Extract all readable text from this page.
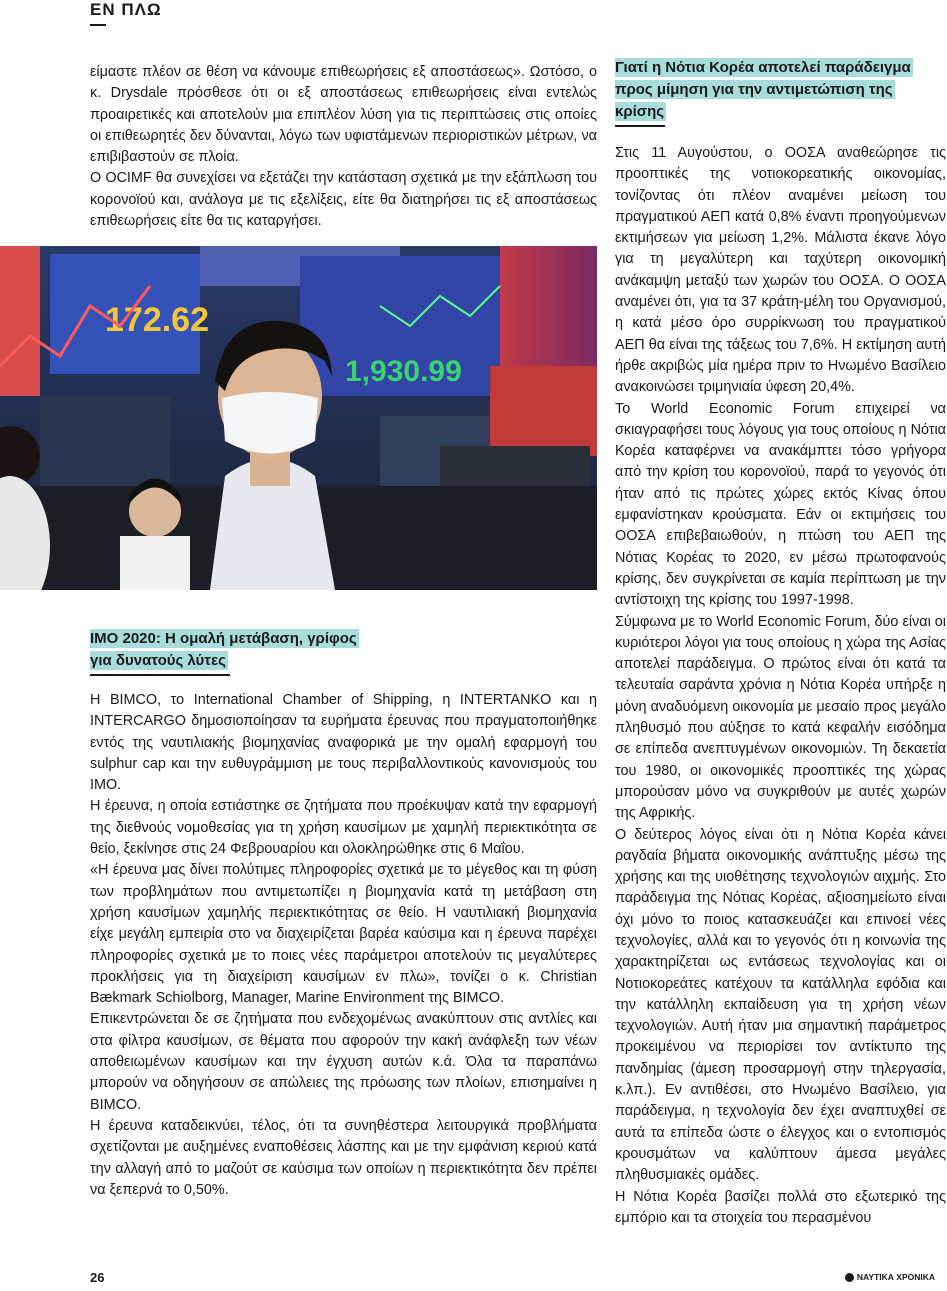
ΕΝ ΠΛΩ

είμαστε πλέον σε θέση να κάνουμε επιθεωρήσεις εξ αποστάσεως». Ωστόσο, ο κ. Drysdale πρόσθεσε ότι οι εξ αποστάσεως επιθεωρήσεις είναι εντελώς προαιρετικές και αποτελούν μια επιπλέον λύση για τις περιπτώσεις στις οποίες οι επιθεωρητές δεν δύνανται, λόγω των υφιστάμενων περιοριστικών μέτρων, να επιβιβαστούν σε πλοία.

Ο OCIMF θα συνεχίσει να εξετάζει την κατάσταση σχετικά με την εξάπλωση του κορονοϊού και, ανάλογα με τις εξελίξεις, είτε θα διατηρήσει τις εξ αποστάσεως επιθεωρήσεις είτε θα τις καταργήσει.

172.62
1,930.99
IMO 2020: Η ομαλή μετάβαση, γρίφος
για δυνατούς λύτες

Η BIMCO, το International Chamber of Shipping, η INTERTANKO και η INTERCARGO δημοσιοποίησαν τα ευρήματα έρευνας που πραγματοποιήθηκε εντός της ναυτιλιακής βιομηχανίας αναφορικά με την ομαλή εφαρμογή του sulphur cap και την ευθυγράμμιση με τους περιβαλλοντικούς κανονισμούς του IMO.

Η έρευνα, η οποία εστιάστηκε σε ζητήματα που προέκυψαν κατά την εφαρμογή της διεθνούς νομοθεσίας για τη χρήση καυσίμων με χαμηλή περιεκτικότητα σε θείο, ξεκίνησε στις 24 Φεβρουαρίου και ολοκληρώθηκε στις 6 Μαΐου.

«Η έρευνα μας δίνει πολύτιμες πληροφορίες σχετικά με το μέγεθος και τη φύση των προβλημάτων που αντιμετωπίζει η βιομηχανία κατά τη μετάβαση στη χρήση καυσίμων χαμηλής περιεκτικότητας σε θείο. Η ναυτιλιακή βιομηχανία είχε μεγάλη εμπειρία στο να διαχειρίζεται βαρέα καύσιμα και η έρευνα παρέχει πληροφορίες σχετικά με το ποιες νέες παράμετροι αποτελούν τις μεγαλύτερες προκλήσεις για τη διαχείριση καυσίμων εν πλω», τονίζει ο κ. Christian Bækmark Schiolborg, Manager, Marine Environment της BIMCO.

Επικεντρώνεται δε σε ζητήματα που ενδεχομένως ανακύπτουν στις αντλίες και στα φίλτρα καυσίμων, σε θέματα που αφορούν την κακή ανάφλεξη των νέων αποθειωμένων καυσίμων και την έγχυση αυτών κ.ά. Όλα τα παραπάνω μπορούν να οδηγήσουν σε απώλειες της πρόωσης των πλοίων, επισημαίνει η BIMCO.

Η έρευνα καταδεικνύει, τέλος, ότι τα συνηθέστερα λειτουργικά προβλήματα σχετίζονται με αυξημένες εναποθέσεις λάσπης και με την εμφάνιση κεριού κατά την αλλαγή από το μαζούτ σε καύσιμα των οποίων η περιεκτικότητα δεν πρέπει να ξεπερνά το 0,50%.

Γιατί η Νότια Κορέα αποτελεί παράδειγμα
προς μίμηση για την αντιμετώπιση της
κρίσης

Στις 11 Αυγούστου, ο ΟΟΣΑ αναθεώρησε τις προοπτικές της νοτιοκορεατικής οικονομίας, τονίζοντας ότι πλέον αναμένει μείωση του πραγματικού ΑΕΠ κατά 0,8% έναντι προηγούμενων εκτιμήσεων για μείωση 1,2%. Μάλιστα έκανε λόγο για τη μεγαλύτερη και ταχύτερη οικονομική ανάκαμψη μεταξύ των χωρών του ΟΟΣΑ. Ο ΟΟΣΑ αναμένει ότι, για τα 37 κράτη-μέλη του Οργανισμού, η κατά μέσο όρο συρρίκνωση του πραγματικού ΑΕΠ θα είναι της τάξεως του 7,6%. Η εκτίμηση αυτή ήρθε ακριβώς μία ημέρα πριν το Ηνωμένο Βασίλειο ανακοινώσει τριμηνιαία ύφεση 20,4%.

Το World Economic Forum επιχειρεί να σκιαγραφήσει τους λόγους για τους οποίους η Νότια Κορέα καταφέρνει να ανακάμπτει τόσο γρήγορα από την κρίση του κορονοϊού, παρά το γεγονός ότι ήταν από τις πρώτες χώρες εκτός Κίνας όπου εμφανίστηκαν κρούσματα. Εάν οι εκτιμήσεις του ΟΟΣΑ επιβεβαιωθούν, η πτώση του ΑΕΠ της Νότιας Κορέας το 2020, εν μέσω πρωτοφανούς κρίσης, δεν συγκρίνεται σε καμία περίπτωση με την αντίστοιχη της κρίσης του 1997-1998.

Σύμφωνα με το World Economic Forum, δύο είναι οι κυριότεροι λόγοι για τους οποίους η χώρα της Ασίας αποτελεί παράδειγμα. Ο πρώτος είναι ότι κατά τα τελευταία σαράντα χρόνια η Νότια Κορέα υπήρξε η μόνη αναδυόμενη οικονομία με μεσαίο προς μεγάλο πληθυσμό που αύξησε το κατά κεφαλήν εισόδημα σε επίπεδα ανεπτυγμένων οικονομιών. Τη δεκαετία του 1980, οι οικονομικές προοπτικές της χώρας μπορούσαν μόνο να συγκριθούν με αυτές χωρών της Αφρικής.

Ο δεύτερος λόγος είναι ότι η Νότια Κορέα κάνει ραγδαία βήματα οικονομικής ανάπτυξης μέσω της χρήσης και της υιοθέτησης τεχνολογιών αιχμής. Στο παράδειγμα της Νότιας Κορέας, αξιοσημείωτο είναι όχι μόνο το ποιος κατασκευάζει και επινοεί νέες τεχνολογίες, αλλά και το γεγονός ότι η κοινωνία της χαρακτηρίζεται ως εντάσεως τεχνολογίας και οι Νοτιοκορεάτες κατέχουν τα κατάλληλα εφόδια και την κατάλληλη εκπαίδευση για τη χρήση νέων τεχνολογιών. Αυτή ήταν μια σημαντική παράμετρος προκειμένου να περιορίσει τον αντίκτυπο της πανδημίας (άμεση προσαρμογή στην τηλεργασία, κ.λπ.). Εν αντιθέσει, στο Ηνωμένο Βασίλειο, για παράδειγμα, η τεχνολογία δεν έχει αναπτυχθεί σε αυτά τα επίπεδα ώστε ο έλεγχος και ο εντοπισμός κρουσμάτων να καλύπτουν άμεσα μεγάλες πληθυσμιακές ομάδες.

Η Νότια Κορέα βασίζει πολλά στο εξωτερικό της εμπόριο και τα στοιχεία του περασμένου

26	ΝΑΥΤΙΚΑ ΧΡΟΝΙΚΑ
